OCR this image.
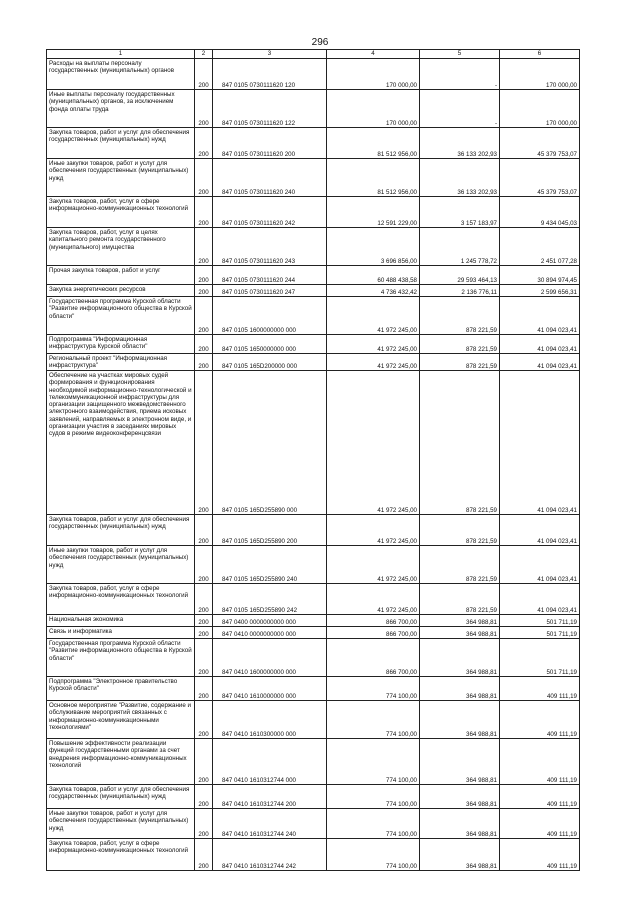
296
1	2	3	4	5	6
Расходы на выплаты персоналу государственных (муниципальных) органов	200	847 0105 0730111620 120	170 000,00	-	170 000,00
Иные выплаты персоналу государственных (муниципальных) органов, за исключением фонда оплаты труда	200	847 0105 0730111620 122	170 000,00	-	170 000,00
Закупка товаров, работ и услуг для обеспечения государственных (муниципальных) нужд	200	847 0105 0730111620 200	81 512 956,00	36 133 202,93	45 379 753,07
Иные закупки товаров, работ и услуг для обеспечения государственных (муниципальных) нужд	200	847 0105 0730111620 240	81 512 956,00	36 133 202,93	45 379 753,07
Закупка товаров, работ, услуг в сфере информационно-коммуникационных технологий	200	847 0105 0730111620 242	12 591 229,00	3 157 183,97	9 434 045,03
Закупка товаров, работ, услуг в целях капитального ремонта государственного (муниципального) имущества	200	847 0105 0730111620 243	3 696 856,00	1 245 778,72	2 451 077,28
Прочая закупка товаров, работ и услуг	200	847 0105 0730111620 244	60 488 438,58	29 593 464,13	30 894 974,45
Закупка энергетических ресурсов	200	847 0105 0730111620 247	4 736 432,42	2 136 776,11	2 599 656,31
Государственная программа Курской области "Развитие информационного общества в Курской области"	200	847 0105 1600000000 000	41 972 245,00	878 221,59	41 094 023,41
Подпрограмма "Информационная инфраструктура Курской области"	200	847 0105 1650000000 000	41 972 245,00	878 221,59	41 094 023,41
Региональный проект "Информационная инфраструктура"	200	847 0105 165D200000 000	41 972 245,00	878 221,59	41 094 023,41
Обеспечение на участках мировых судей формирования и функционирования необходимой информационно-технологической и телекоммуникационной инфраструктуры для организации защищенного межведомственного электронного взаимодействия, приема исковых заявлений, направляемых в электронном виде, и организации участия в заседаниях мировых судов в режиме видеоконференцсвязи	200	847 0105 165D255890 000	41 972 245,00	878 221,59	41 094 023,41
Закупка товаров, работ и услуг для обеспечения государственных (муниципальных) нужд	200	847 0105 165D255890 200	41 972 245,00	878 221,59	41 094 023,41
Иные закупки товаров, работ и услуг для обеспечения государственных (муниципальных) нужд	200	847 0105 165D255890 240	41 972 245,00	878 221,59	41 094 023,41
Закупка товаров, работ, услуг в сфере информационно-коммуникационных технологий	200	847 0105 165D255890 242	41 972 245,00	878 221,59	41 094 023,41
Национальная экономика	200	847 0400 0000000000 000	866 700,00	364 988,81	501 711,19
Связь и информатика	200	847 0410 0000000000 000	866 700,00	364 988,81	501 711,19
Государственная программа Курской области "Развитие информационного общества в Курской области"	200	847 0410 1600000000 000	866 700,00	364 988,81	501 711,19
Подпрограмма "Электронное правительство Курской области"	200	847 0410 1610000000 000	774 100,00	364 988,81	409 111,19
Основное мероприятие "Развитие, содержание и обслуживание мероприятий связанных с информационно-коммуникационными технологиями"	200	847 0410 1610300000 000	774 100,00	364 988,81	409 111,19
Повышение эффективности реализации функций государственными органами за счет внедрения информационно-коммуникационных технологий	200	847 0410 1610312744 000	774 100,00	364 988,81	409 111,19
Закупка товаров, работ и услуг для обеспечения государственных (муниципальных) нужд	200	847 0410 1610312744 200	774 100,00	364 988,81	409 111,19
Иные закупки товаров, работ и услуг для обеспечения государственных (муниципальных) нужд	200	847 0410 1610312744 240	774 100,00	364 988,81	409 111,19
Закупка товаров, работ, услуг в сфере информационно-коммуникационных технологий	200	847 0410 1610312744 242	774 100,00	364 988,81	409 111,19
